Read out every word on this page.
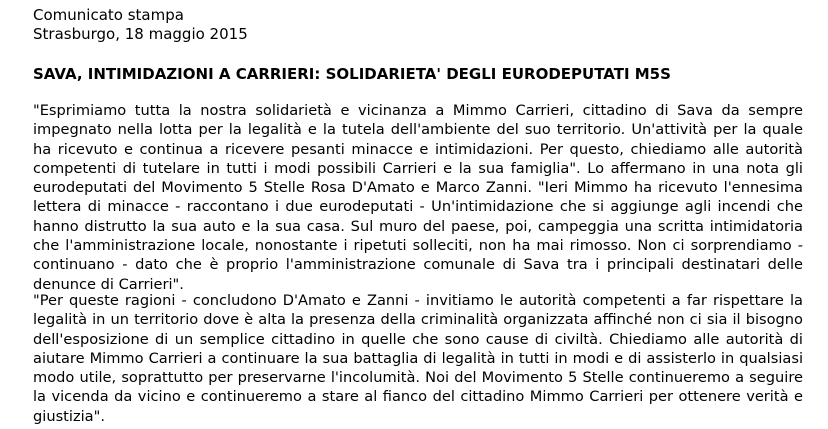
Comunicato stampa
Strasburgo, 18 maggio 2015
SAVA, INTIMIDAZIONI A CARRIERI: SOLIDARIETA' DEGLI EURODEPUTATI M5S
"Esprimiamo tutta la nostra solidarietà e vicinanza a Mimmo Carrieri, cittadino di Sava da sempre impegnato nella lotta per la legalità e la tutela dell'ambiente del suo territorio. Un'attività per la quale ha ricevuto e continua a ricevere pesanti minacce e intimidazioni. Per questo, chiediamo alle autorità competenti di tutelare in tutti i modi possibili Carrieri e la sua famiglia". Lo affermano in una nota gli eurodeputati del Movimento 5 Stelle Rosa D'Amato e Marco Zanni. "Ieri Mimmo ha ricevuto l'ennesima lettera di minacce - raccontano i due eurodeputati - Un'intimidazione che si aggiunge agli incendi che hanno distrutto la sua auto e la sua casa. Sul muro del paese, poi, campeggia una scritta intimidatoria che l'amministrazione locale, nonostante i ripetuti solleciti, non ha mai rimosso. Non ci sorprendiamo - continuano - dato che è proprio l'amministrazione comunale di Sava tra i principali destinatari delle denunce di Carrieri".
"Per queste ragioni - concludono D'Amato e Zanni - invitiamo le autorità competenti a far rispettare la legalità in un territorio dove è alta la presenza della criminalità organizzata affinché non ci sia il bisogno dell'esposizione di un semplice cittadino in quelle che sono cause di civiltà. Chiediamo alle autorità di aiutare Mimmo Carrieri a continuare la sua battaglia di legalità in tutti in modi e di assisterlo in qualsiasi modo utile, soprattutto per preservarne l'incolumità. Noi del Movimento 5 Stelle continueremo a seguire la vicenda da vicino e continueremo a stare al fianco del cittadino Mimmo Carrieri per ottenere verità e giustizia".
